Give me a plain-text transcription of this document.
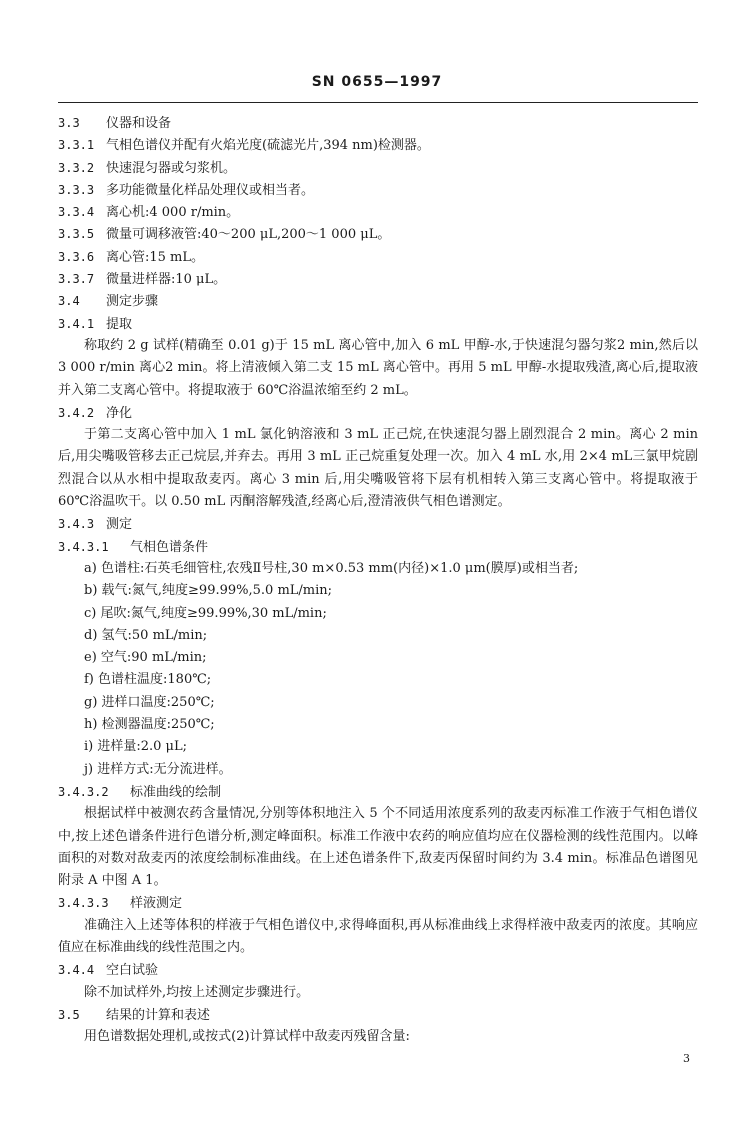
SN 0655—1997
3.3 仪器和设备
3.3.1 气相色谱仪并配有火焰光度(硫滤光片,394 nm)检测器。
3.3.2 快速混匀器或匀浆机。
3.3.3 多功能微量化样品处理仪或相当者。
3.3.4 离心机:4 000 r/min。
3.3.5 微量可调移液管:40～200 μL,200～1 000 μL。
3.3.6 离心管:15 mL。
3.3.7 微量进样器:10 μL。
3.4 测定步骤
3.4.1 提取
称取约 2 g 试样(精确至 0.01 g)于 15 mL 离心管中,加入 6 mL 甲醇-水,于快速混匀器匀浆2 min,然后以 3 000 r/min 离心2 min。将上清液倾入第二支 15 mL 离心管中。再用 5 mL 甲醇-水提取残渣,离心后,提取液并入第二支离心管中。将提取液于 60℃浴温浓缩至约 2 mL。
3.4.2 净化
于第二支离心管中加入 1 mL 氯化钠溶液和 3 mL 正己烷,在快速混匀器上剧烈混合 2 min。离心 2 min后,用尖嘴吸管移去正己烷层,并弃去。再用 3 mL 正己烷重复处理一次。加入 4 mL 水,用 2×4 mL三氯甲烷剧烈混合以从水相中提取敌麦丙。离心 3 min 后,用尖嘴吸管将下层有机相转入第三支离心管中。将提取液于 60℃浴温吹干。以 0.50 mL 丙酮溶解残渣,经离心后,澄清液供气相色谱测定。
3.4.3 测定
3.4.3.1 气相色谱条件
a) 色谱柱:石英毛细管柱,农残Ⅱ号柱,30 m×0.53 mm(内径)×1.0 μm(膜厚)或相当者;
b) 载气:氮气,纯度≥99.99%,5.0 mL/min;
c) 尾吹:氮气,纯度≥99.99%,30 mL/min;
d) 氢气:50 mL/min;
e) 空气:90 mL/min;
f) 色谱柱温度:180℃;
g) 进样口温度:250℃;
h) 检测器温度:250℃;
i) 进样量:2.0 μL;
j) 进样方式:无分流进样。
3.4.3.2 标准曲线的绘制
根据试样中被测农药含量情况,分别等体积地注入 5 个不同适用浓度系列的敌麦丙标准工作液于气相色谱仪中,按上述色谱条件进行色谱分析,测定峰面积。标准工作液中农药的响应值均应在仪器检测的线性范围内。以峰面积的对数对敌麦丙的浓度绘制标准曲线。在上述色谱条件下,敌麦丙保留时间约为 3.4 min。标准品色谱图见附录 A 中图 A 1。
3.4.3.3 样液测定
准确注入上述等体积的样液于气相色谱仪中,求得峰面积,再从标准曲线上求得样液中敌麦丙的浓度。其响应值应在标准曲线的线性范围之内。
3.4.4 空白试验
除不加试样外,均按上述测定步骤进行。
3.5 结果的计算和表述
用色谱数据处理机,或按式(2)计算试样中敌麦丙残留含量:
3
